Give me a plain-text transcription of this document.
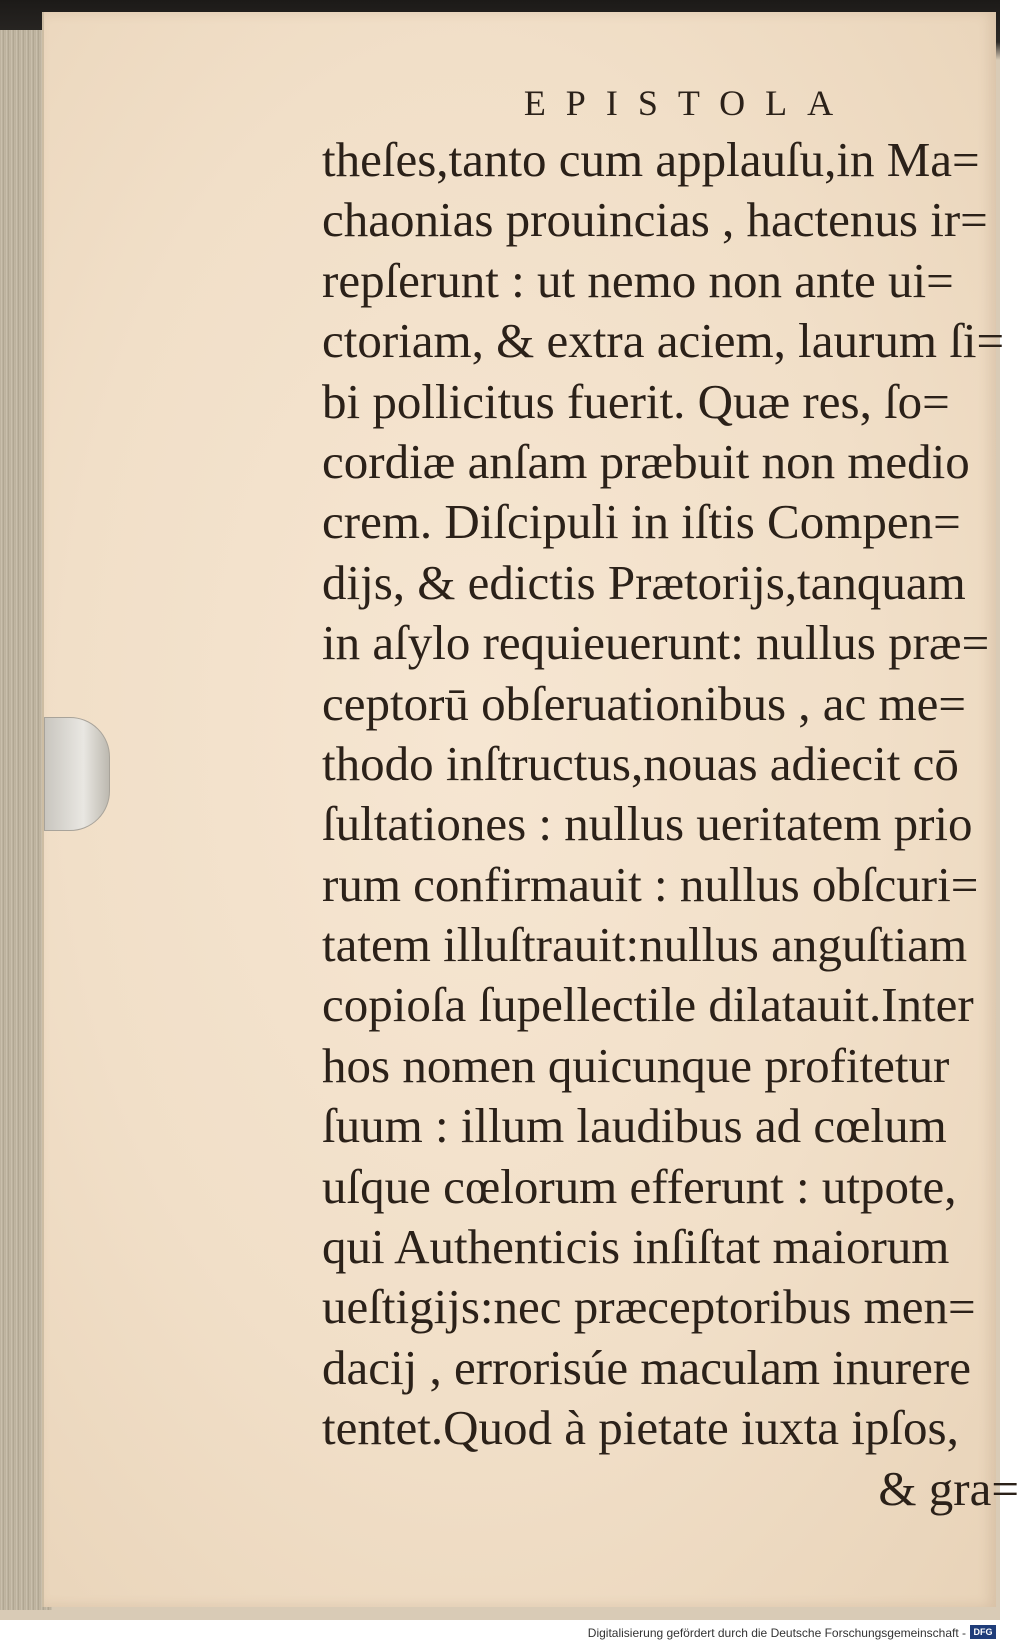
EPISTOLA
theſes,tanto cum applauſu,in Ma=
chaonias prouincias , hactenus ir=
repſerunt : ut nemo non ante ui=
ctoriam, & extra aciem, laurum ſi=
bi pollicitus fuerit. Quæ res, ſo=
cordiæ anſam præbuit non medio
crem. Diſcipuli in iſtis Compen=
dijs, & edictis Prætorijs,tanquam
in aſylo requieuerunt: nullus præ=
ceptorū obſeruationibus , ac me=
thodo inſtructus,nouas adiecit cō
ſultationes : nullus ueritatem prio
rum confirmauit : nullus obſcuri=
tatem illuſtrauit:nullus anguſtiam
copioſa ſupellectile dilatauit.Inter
hos nomen quicunque profitetur
ſuum : illum laudibus ad cœlum
uſque cœlorum efferunt : utpote,
qui Authenticis inſiſtat maiorum
ueſtigijs:nec præceptoribus men=
dacij , errorisúe maculam inurere
tentet.Quod à pietate iuxta ipſos,
& gra=
Digitalisierung gefördert durch die Deutsche Forschungsgemeinschaft - DFG
